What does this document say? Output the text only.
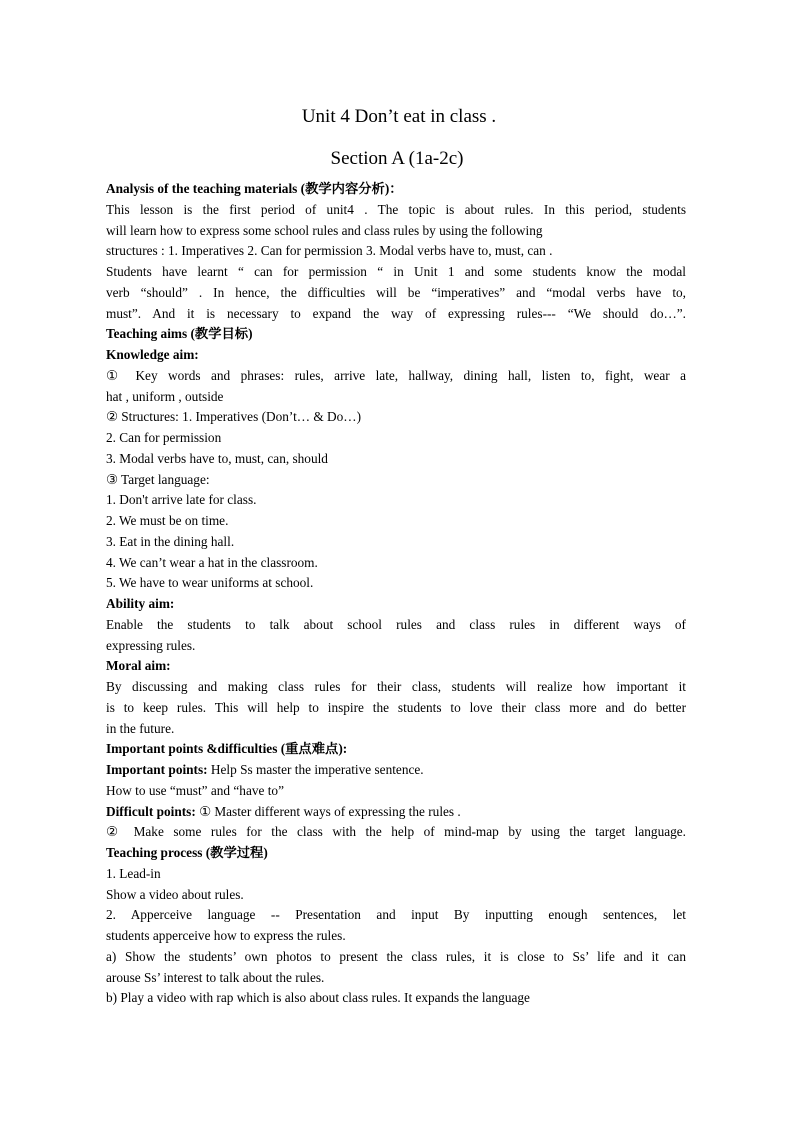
Unit 4 Don’t eat in class .
Section A (1a-2c)

Analysis of the teaching materials (教学内容分析)：

This lesson is the first period of unit4 . The topic is about rules. In this period, students

will learn how to express some school rules and class rules by using the following

structures : 1. Imperatives 2. Can for permission 3. Modal verbs have to, must, can .

Students have learnt “ can for permission “ in Unit 1 and some students know the modal

verb “should” . In hence, the difficulties will be “imperatives” and “modal verbs have to,

must”. And it is necessary to expand the way of expressing rules--- “We should do…”.

Teaching aims (教学目标)

Knowledge aim:

① Key words and phrases: rules, arrive late, hallway, dining hall, listen to, fight, wear a

hat , uniform , outside

② Structures: 1. Imperatives (Don’t… & Do…)

2. Can for permission

3. Modal verbs have to, must, can, should

③ Target language:

1. Don't arrive late for class.

2. We must be on time.

3. Eat in the dining hall.

4. We can’t wear a hat in the classroom.

5. We have to wear uniforms at school.

Ability aim:

Enable the students to talk about school rules and class rules in different ways of

expressing rules.

Moral aim:

By discussing and making class rules for their class, students will realize how important it

is to keep rules. This will help to inspire the students to love their class more and do better

in the future.

Important points &difficulties (重点难点):

Important points: Help Ss master the imperative sentence.

How to use “must” and “have to”

Difficult points: ① Master different ways of expressing the rules .

② Make some rules for the class with the help of mind-map by using the target language.

Teaching process (教学过程)

1. Lead-in

Show a video about rules.

2. Apperceive language -- Presentation and input By inputting enough sentences, let

students apperceive how to express the rules.

a) Show the students’ own photos to present the class rules, it is close to Ss’ life and it can

arouse Ss’ interest to talk about the rules.

b) Play a video with rap which is also about class rules. It expands the language
